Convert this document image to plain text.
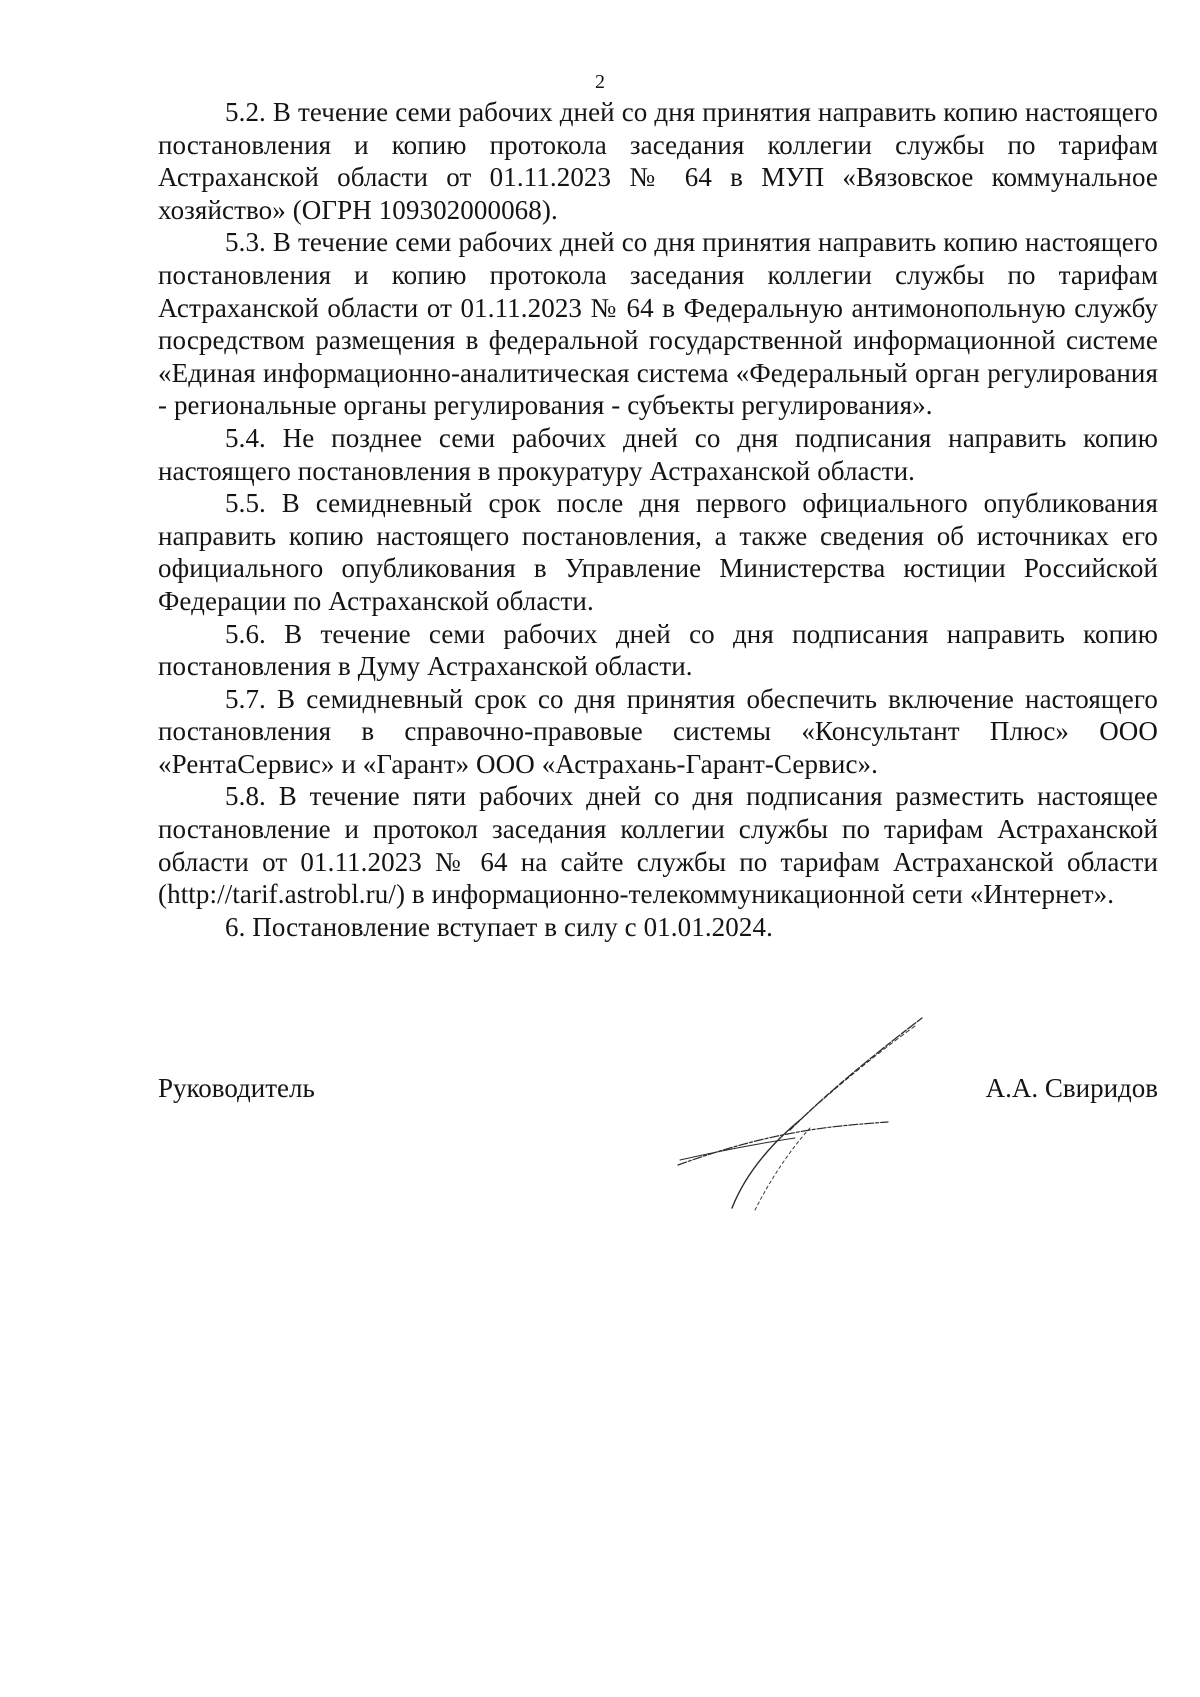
2

5.2. В течение семи рабочих дней со дня принятия направить копию настоящего постановления и копию протокола заседания коллегии службы по тарифам Астраханской области от 01.11.2023 № 64 в МУП «Вязовское коммунальное хозяйство» (ОГРН 109302000068).

5.3. В течение семи рабочих дней со дня принятия направить копию настоящего постановления и копию протокола заседания коллегии службы по тарифам Астраханской области от 01.11.2023 № 64 в Федеральную антимонопольную службу посредством размещения в федеральной государственной информационной системе «Единая информационно-аналитическая система «Федеральный орган регулирования - региональные органы регулирования - субъекты регулирования».

5.4. Не позднее семи рабочих дней со дня подписания направить копию настоящего постановления в прокуратуру Астраханской области.

5.5. В семидневный срок после дня первого официального опубликования направить копию настоящего постановления, а также сведения об источниках его официального опубликования в Управление Министерства юстиции Российской Федерации по Астраханской области.

5.6. В течение семи рабочих дней со дня подписания направить копию постановления в Думу Астраханской области.

5.7. В семидневный срок со дня принятия обеспечить включение настоящего постановления в справочно-правовые системы «Консультант Плюс» ООО «РентаСервис» и «Гарант» ООО «Астрахань-Гарант-Сервис».

5.8. В течение пяти рабочих дней со дня подписания разместить настоящее постановление и протокол заседания коллегии службы по тарифам Астраханской области от 01.11.2023 № 64 на сайте службы по тарифам Астраханской области (http://tarif.astrobl.ru/) в информационно-телекоммуникационной сети «Интернет».

6. Постановление вступает в силу с 01.01.2024.

Руководитель	А.А. Свиридов
